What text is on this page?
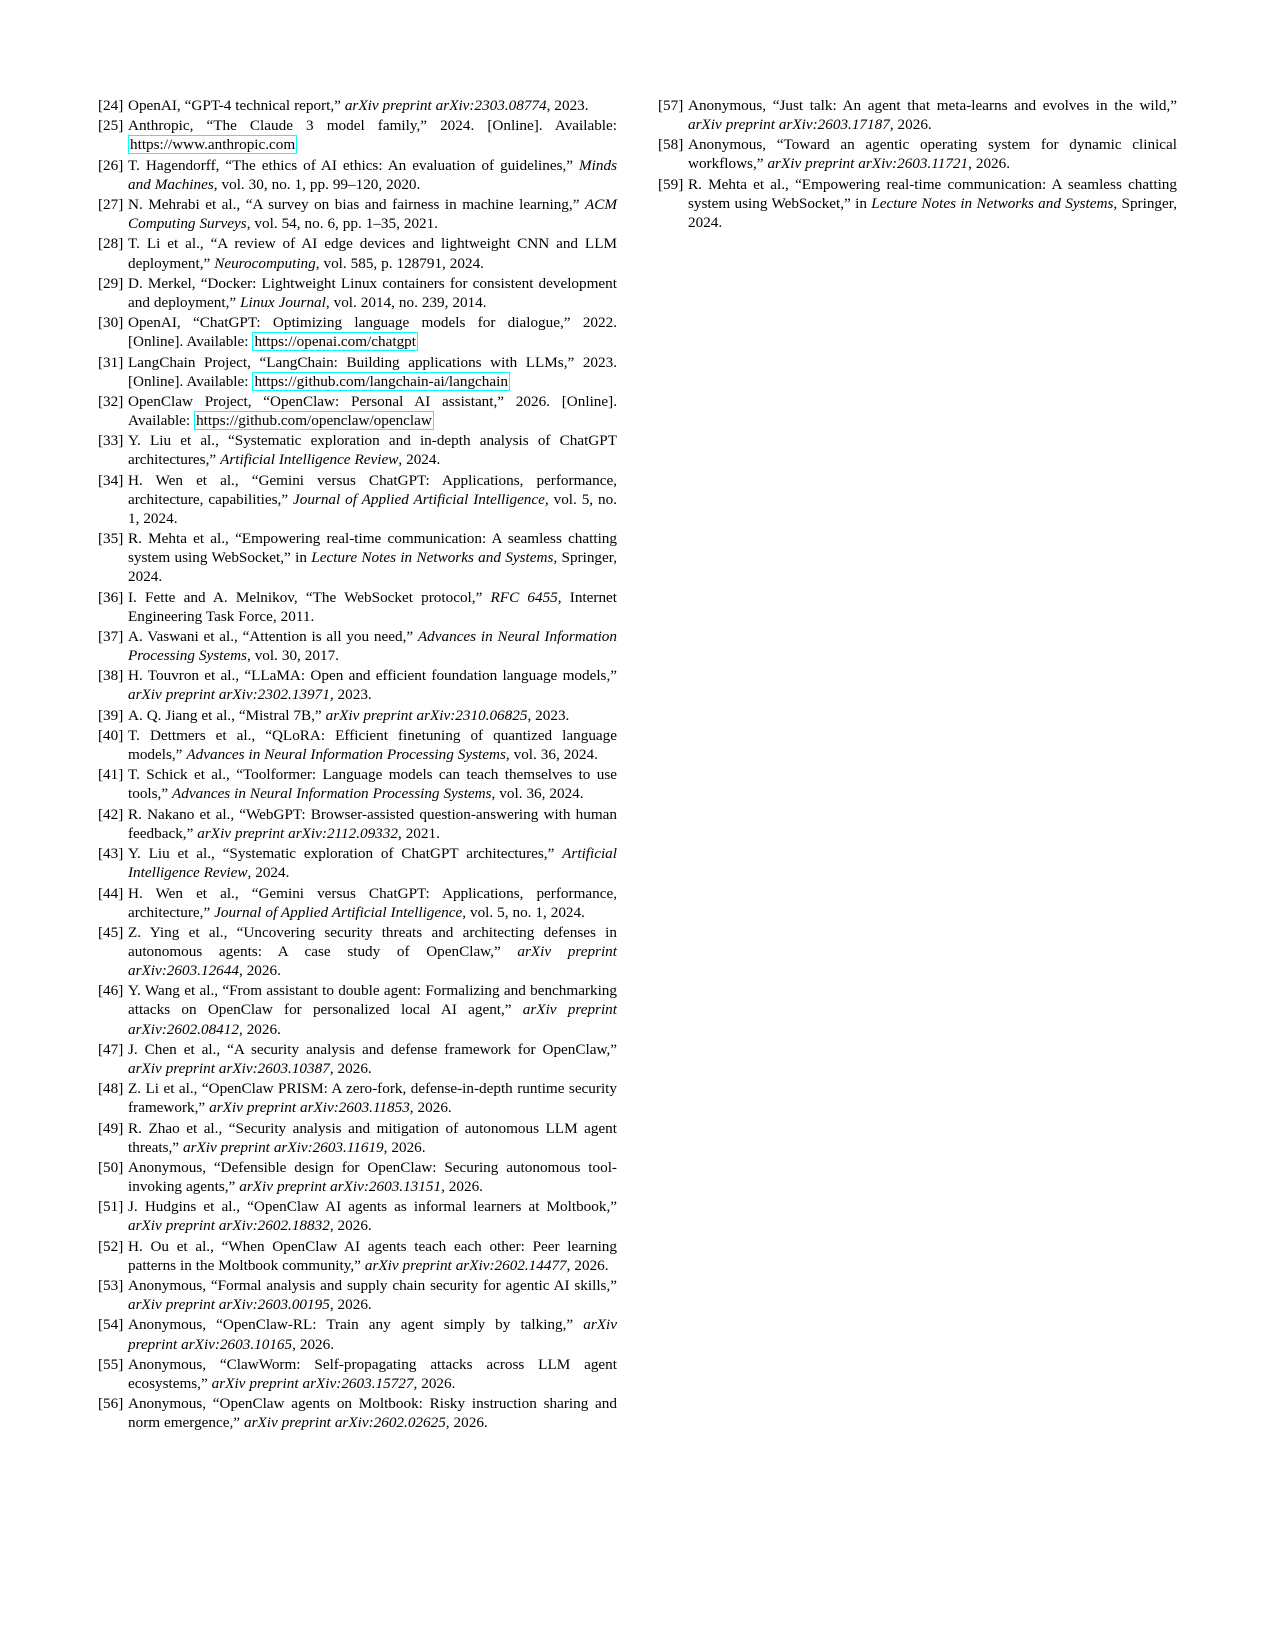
[24] OpenAI, “GPT-4 technical report,” arXiv preprint arXiv:2303.08774, 2023.
[25] Anthropic, “The Claude 3 model family,” 2024. [Online]. Available: https://www.anthropic.com
[26] T. Hagendorff, “The ethics of AI ethics: An evaluation of guidelines,” Minds and Machines, vol. 30, no. 1, pp. 99–120, 2020.
[27] N. Mehrabi et al., “A survey on bias and fairness in machine learning,” ACM Computing Surveys, vol. 54, no. 6, pp. 1–35, 2021.
[28] T. Li et al., “A review of AI edge devices and lightweight CNN and LLM deployment,” Neurocomputing, vol. 585, p. 128791, 2024.
[29] D. Merkel, “Docker: Lightweight Linux containers for consistent development and deployment,” Linux Journal, vol. 2014, no. 239, 2014.
[30] OpenAI, “ChatGPT: Optimizing language models for dialogue,” 2022. [Online]. Available: https://openai.com/chatgpt
[31] LangChain Project, “LangChain: Building applications with LLMs,” 2023. [Online]. Available: https://github.com/langchain-ai/langchain
[32] OpenClaw Project, “OpenClaw: Personal AI assistant,” 2026. [Online]. Available: https://github.com/openclaw/openclaw
[33] Y. Liu et al., “Systematic exploration and in-depth analysis of ChatGPT architectures,” Artificial Intelligence Review, 2024.
[34] H. Wen et al., “Gemini versus ChatGPT: Applications, performance, architecture, capabilities,” Journal of Applied Artificial Intelligence, vol. 5, no. 1, 2024.
[35] R. Mehta et al., “Empowering real-time communication: A seamless chatting system using WebSocket,” in Lecture Notes in Networks and Systems, Springer, 2024.
[36] I. Fette and A. Melnikov, “The WebSocket protocol,” RFC 6455, Internet Engineering Task Force, 2011.
[37] A. Vaswani et al., “Attention is all you need,” Advances in Neural Information Processing Systems, vol. 30, 2017.
[38] H. Touvron et al., “LLaMA: Open and efficient foundation language models,” arXiv preprint arXiv:2302.13971, 2023.
[39] A. Q. Jiang et al., “Mistral 7B,” arXiv preprint arXiv:2310.06825, 2023.
[40] T. Dettmers et al., “QLoRA: Efficient finetuning of quantized language models,” Advances in Neural Information Processing Systems, vol. 36, 2024.
[41] T. Schick et al., “Toolformer: Language models can teach themselves to use tools,” Advances in Neural Information Processing Systems, vol. 36, 2024.
[42] R. Nakano et al., “WebGPT: Browser-assisted question-answering with human feedback,” arXiv preprint arXiv:2112.09332, 2021.
[43] Y. Liu et al., “Systematic exploration of ChatGPT architectures,” Artificial Intelligence Review, 2024.
[44] H. Wen et al., “Gemini versus ChatGPT: Applications, performance, architecture,” Journal of Applied Artificial Intelligence, vol. 5, no. 1, 2024.
[45] Z. Ying et al., “Uncovering security threats and architecting defenses in autonomous agents: A case study of OpenClaw,” arXiv preprint arXiv:2603.12644, 2026.
[46] Y. Wang et al., “From assistant to double agent: Formalizing and benchmarking attacks on OpenClaw for personalized local AI agent,” arXiv preprint arXiv:2602.08412, 2026.
[47] J. Chen et al., “A security analysis and defense framework for OpenClaw,” arXiv preprint arXiv:2603.10387, 2026.
[48] Z. Li et al., “OpenClaw PRISM: A zero-fork, defense-in-depth runtime security framework,” arXiv preprint arXiv:2603.11853, 2026.
[49] R. Zhao et al., “Security analysis and mitigation of autonomous LLM agent threats,” arXiv preprint arXiv:2603.11619, 2026.
[50] Anonymous, “Defensible design for OpenClaw: Securing autonomous tool-invoking agents,” arXiv preprint arXiv:2603.13151, 2026.
[51] J. Hudgins et al., “OpenClaw AI agents as informal learners at Moltbook,” arXiv preprint arXiv:2602.18832, 2026.
[52] H. Ou et al., “When OpenClaw AI agents teach each other: Peer learning patterns in the Moltbook community,” arXiv preprint arXiv:2602.14477, 2026.
[53] Anonymous, “Formal analysis and supply chain security for agentic AI skills,” arXiv preprint arXiv:2603.00195, 2026.
[54] Anonymous, “OpenClaw-RL: Train any agent simply by talking,” arXiv preprint arXiv:2603.10165, 2026.
[55] Anonymous, “ClawWorm: Self-propagating attacks across LLM agent ecosystems,” arXiv preprint arXiv:2603.15727, 2026.
[56] Anonymous, “OpenClaw agents on Moltbook: Risky instruction sharing and norm emergence,” arXiv preprint arXiv:2602.02625, 2026.
[57] Anonymous, “Just talk: An agent that meta-learns and evolves in the wild,” arXiv preprint arXiv:2603.17187, 2026.
[58] Anonymous, “Toward an agentic operating system for dynamic clinical workflows,” arXiv preprint arXiv:2603.11721, 2026.
[59] R. Mehta et al., “Empowering real-time communication: A seamless chatting system using WebSocket,” in Lecture Notes in Networks and Systems, Springer, 2024.
